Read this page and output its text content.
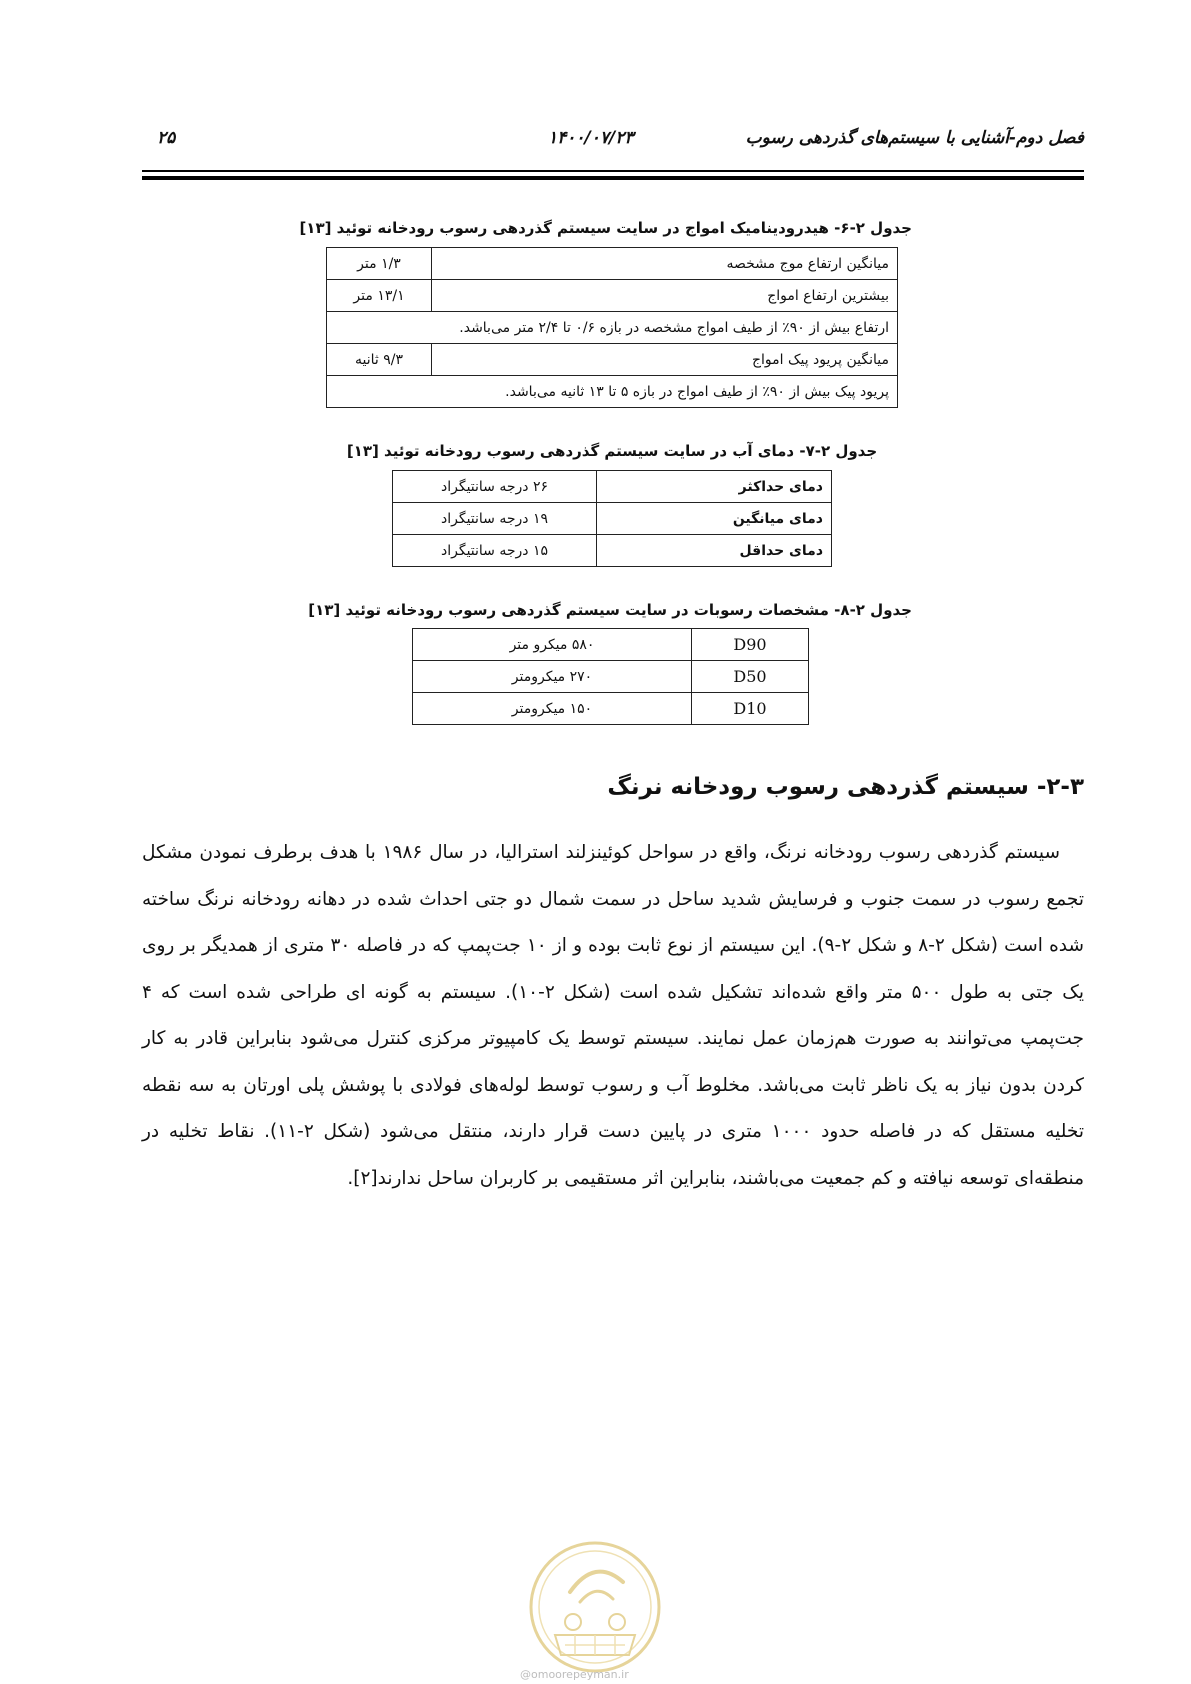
فصل دوم-آشنایی با سیستم‌های گذردهی رسوب
۱۴۰۰/۰۷/۲۳
۲۵
جدول ۲-۶- هیدرودینامیک امواج در سایت سیستم گذردهی رسوب رودخانه توئید [۱۳]
میانگین ارتفاع موج مشخصه	۱/۳ متر
بیشترین ارتفاع امواج	۱۳/۱ متر
ارتفاع بیش از ۹۰٪ از طیف امواج مشخصه در بازه ۰/۶ تا ۲/۴ متر می‌باشد.	
میانگین پریود پیک امواج	۹/۳ ثانیه
پریود پیک بیش از ۹۰٪ از طیف امواج در بازه ۵ تا ۱۳ ثانیه می‌باشد.	
جدول ۲-۷- دمای آب در سایت سیستم گذردهی رسوب رودخانه توئید [۱۳]
دمای حداکثر	۲۶ درجه سانتیگراد
دمای میانگین	۱۹ درجه سانتیگراد
دمای حداقل	۱۵ درجه سانتیگراد
جدول ۲-۸- مشخصات رسوبات در سایت سیستم گذردهی رسوب رودخانه توئید [۱۳]
D90	۵۸۰ میکرو متر
D50	۲۷۰ میکرومتر
D10	۱۵۰ میکرومتر
۲-۳- سیستم گذردهی رسوب رودخانه نرنگ

سیستم گذردهی رسوب رودخانه نرنگ، واقع در سواحل کوئینزلند استرالیا، در سال ۱۹۸۶ با هدف برطرف نمودن مشکل تجمع رسوب در سمت جنوب و فرسایش شدید ساحل در سمت شمال دو جتی احداث شده در دهانه رودخانه نرنگ ساخته شده است (شکل ۲-۸ و شکل ۲-۹). این سیستم از نوع ثابت بوده و از ۱۰ جت‌پمپ که در فاصله ۳۰ متری از همدیگر بر روی یک جتی به طول ۵۰۰ متر واقع شده‌اند تشکیل شده است (شکل ۲-۱۰). سیستم به گونه ای طراحی شده است که ۴ جت‌پمپ می‌توانند به صورت هم‌زمان عمل نمایند. سیستم توسط یک کامپیوتر مرکزی کنترل می‌شود بنابراین قادر به کار کردن بدون نیاز به یک ناظر ثابت می‌باشد. مخلوط آب و رسوب توسط لوله‌های فولادی با پوشش پلی اورتان به سه نقطه تخلیه مستقل که در فاصله حدود ۱۰۰۰ متری در پایین دست قرار دارند، منتقل می‌شود (شکل ۲-۱۱). نقاط تخلیه در منطقه‌ای توسعه نیافته و کم جمعیت می‌باشند، بنابراین اثر مستقیمی بر کاربران ساحل ندارند[۲].

@omoorepeyman.ir
